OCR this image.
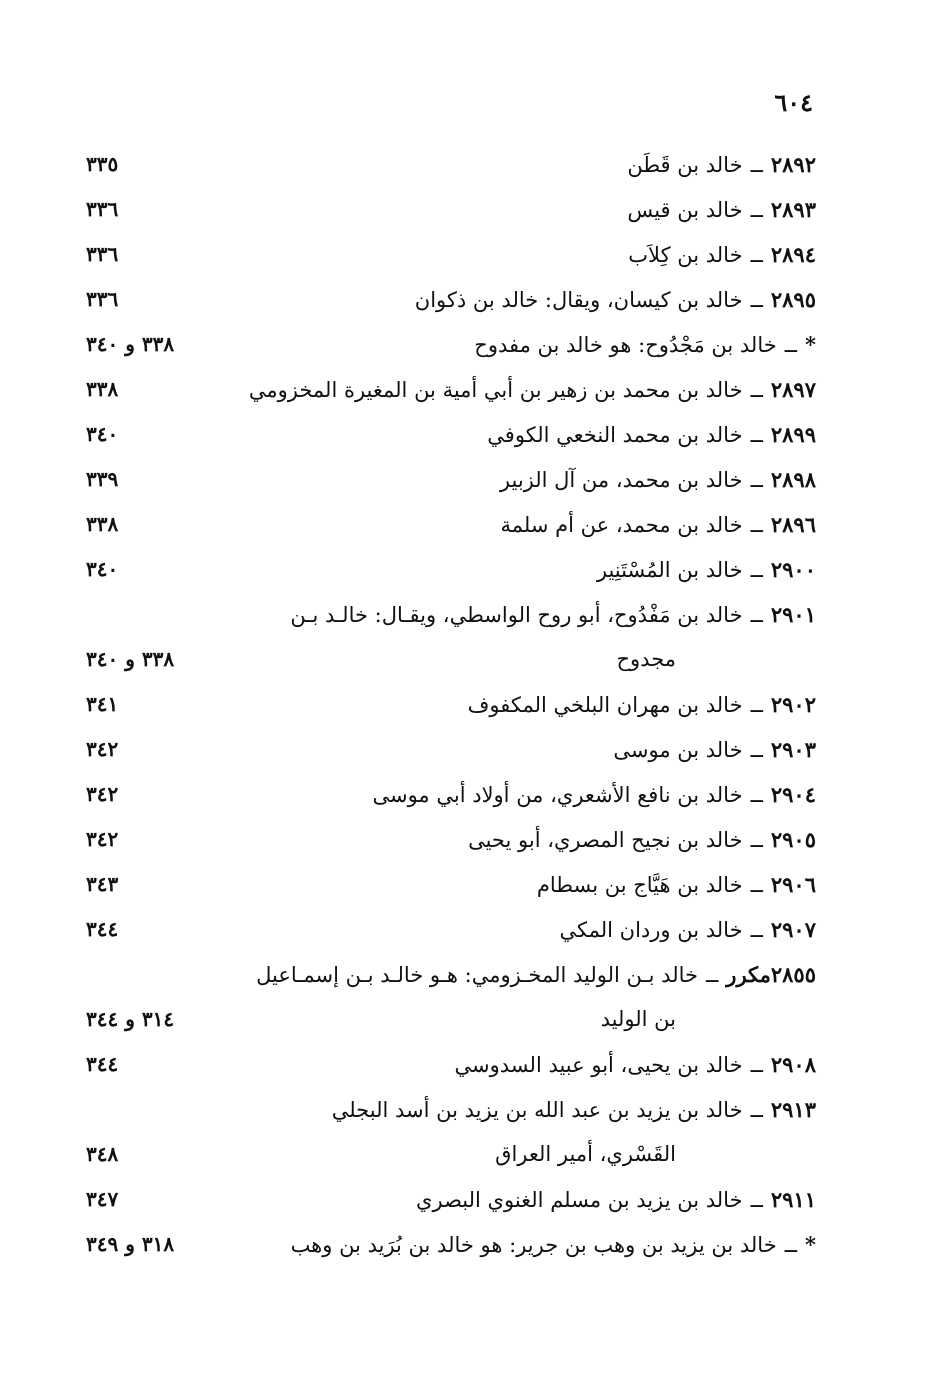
٦٠٤
٢٨٩٢ــخالد بن قَطَن
٣٣٥
٢٨٩٣ــخالد بن قيس
٣٣٦
٢٨٩٤ــخالد بن كِلاَب
٣٣٦
٢٨٩٥ــخالد بن كيسان، ويقال: خالد بن ذكوان
٣٣٦
*ــخالد بن مَجْدُوح: هو خالد بن مفدوح
٣٣٨ و ٣٤٠
٢٨٩٧ــخالد بن محمد بن زهير بن أبي أمية بن المغيرة المخزومي
٣٣٨
٢٨٩٩ــخالد بن محمد النخعي الكوفي
٣٤٠
٢٨٩٨ــخالد بن محمد، من آل الزبير
٣٣٩
٢٨٩٦ــخالد بن محمد، عن أم سلمة
٣٣٨
٢٩٠٠ــخالد بن المُسْتَنِير
٣٤٠
٢٩٠١ــخالد بن مَفْدُوح، أبو روح الواسطي، ويقـال: خالـد بـن
مجدوح
٣٣٨ و ٣٤٠
٢٩٠٢ــخالد بن مهران البلخي المكفوف
٣٤١
٢٩٠٣ــخالد بن موسى
٣٤٢
٢٩٠٤ــخالد بن نافع الأشعري، من أولاد أبي موسى
٣٤٢
٢٩٠٥ــخالد بن نجيح المصري، أبو يحيى
٣٤٢
٢٩٠٦ــخالد بن هَيَّاج بن بسطام
٣٤٣
٢٩٠٧ــخالد بن وردان المكي
٣٤٤
٢٨٥٥مكررــخالد بـن الوليد المخـزومي: هـو خالـد بـن إسمـاعيل
بن الوليد
٣١٤ و ٣٤٤
٢٩٠٨ــخالد بن يحيى، أبو عبيد السدوسي
٣٤٤
٢٩١٣ــخالد بن يزيد بن عبد الله بن يزيد بن أسد البجلي
القَسْري، أمير العراق
٣٤٨
٢٩١١ــخالد بن يزيد بن مسلم الغنوي البصري
٣٤٧
*ــخالد بن يزيد بن وهب بن جرير: هو خالد بن بُرَيد بن وهب
٣١٨ و ٣٤٩
